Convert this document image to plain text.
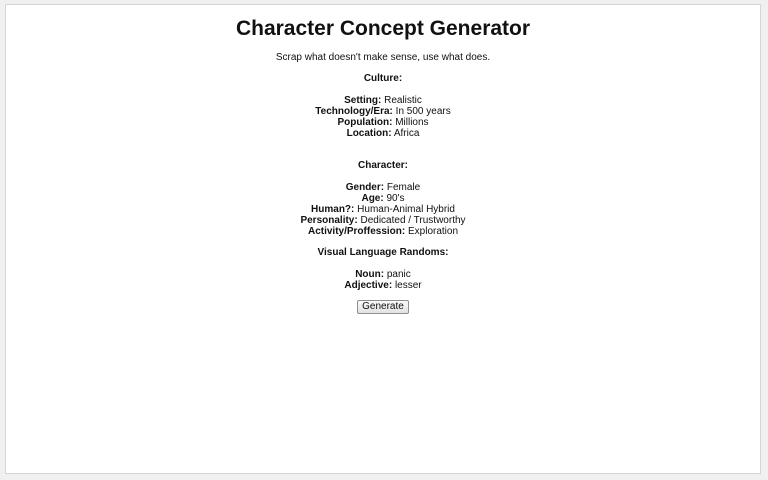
Character Concept Generator
Scrap what doesn't make sense, use what does.
Culture:
Setting: Realistic
Technology/Era: In 500 years
Population: Millions
Location: Africa
Character:
Gender: Female
Age: 90's
Human?: Human-Animal Hybrid
Personality: Dedicated / Trustworthy
Activity/Proffession: Exploration
Visual Language Randoms:
Noun: panic
Adjective: lesser
Generate
